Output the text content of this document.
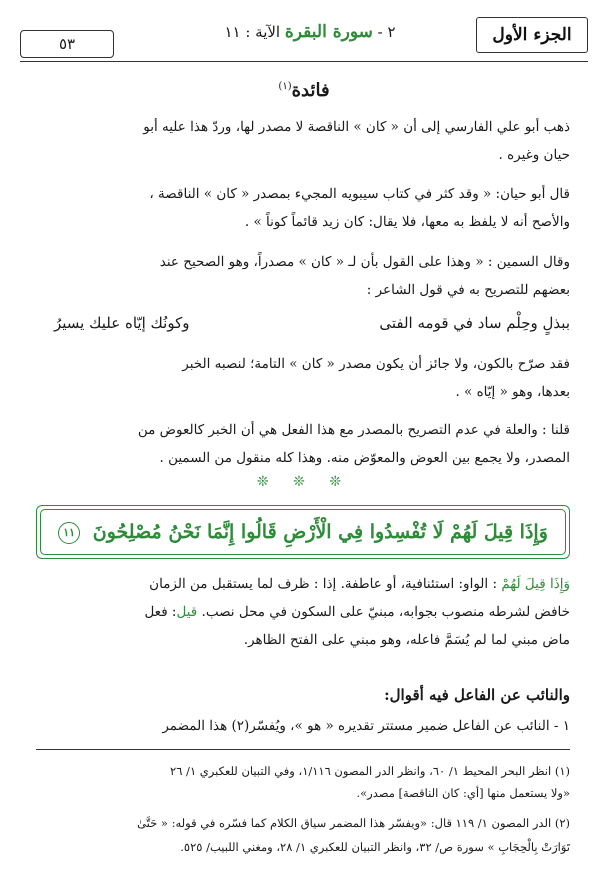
الجزء الأول
٢ - سورة البقرة الآية : ١١
٥٣
فائدة$^{(١)}$
ذهب أبو علي الفارسي إلى أن « كان » الناقصة لا مصدر لها، وردّ هذا عليه أبو
حيان وغيره .
قال أبو حيان: « وقد كثر في كتاب سيبويه المجيء بمصدر « كان » الناقصة ،
والأصح أنه لا يلفظ به معها، فلا يقال: كان زيد قائماً كوناً » .
وقال السمين : « وهذا على القول بأن لـ « كان » مصدراً، وهو الصحيح عند
بعضهم للتصريح به في قول الشاعر :
ببذلٍ وحِلْم ساد في قومه الفتى
وكونُك إيّاه عليك يسيرُ
فقد صرّح بالكون، ولا جائز أن يكون مصدر « كان » التامة؛ لنصبه الخبر
بعدها، وهو « إيّاه » .
قلنا : والعلة في عدم التصريح بالمصدر مع هذا الفعل هي أن الخبر كالعوض من
المصدر، ولا يجمع بين العوض والمعوّض منه. وهذا كله منقول من السمين .
❊ ❊ ❊
وَإِذَا قِيلَ لَهُمْ لَا تُفْسِدُوا فِي الْأَرْضِ قَالُوا إِنَّمَا نَحْنُ مُصْلِحُونَ ١١
وَإِذَا قِيلَ لَهُمْ : الواو: استئنافية، أو عاطفة. إذا : ظرف لما يستقبل من الزمان
خافض لشرطه منصوب بجوابه، مبنيّ على السكون في محل نصب. قيل: فعل
ماض مبني لما لم يُسَمَّ فاعله، وهو مبني على الفتح الظاهر.
والنائب عن الفاعل فيه أقوال:
١ - النائب عن الفاعل ضمير مستتر تقديره « هو »، ويُفسّر(٢) هذا المضمر
(١) انظر البحر المحيط ١/ ٦٠، وانظر الدر المصون ١/١١٦، وفي التبيان للعكبري ١/ ٢٦
«ولا يستعمل منها [أي: كان الناقصة] مصدر».
(٢) الدر المصون ١/ ١١٩ قال: «ويفسّر هذا المضمر سياق الكلام كما فسّره في قوله: « حَتَّىٰ
تَوَارَتْ بِالْحِجَابِ » سورة ص/ ٣٢، وانظر التبيان للعكبري ١/ ٢٨، ومغني اللبيب/ ٥٢٥.
